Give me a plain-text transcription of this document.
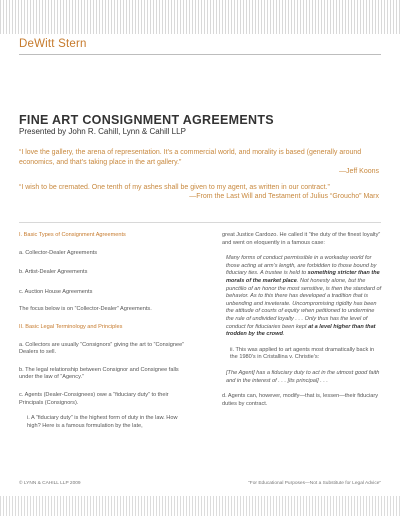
DeWitt Stern
FINE ART CONSIGNMENT AGREEMENTS
Presented by John R. Cahill, Lynn & Cahill LLP

“I love the gallery, the arena of representation. It’s a commercial world, and morality is based (generally around economics, and that’s taking place in the art gallery.”

—Jeff Koons

“I wish to be cremated. One tenth of my ashes shall be given to my agent, as written in our contract.”

—From the Last Will and Testament of Julius “Groucho” Marx

I. Basic Types of Consignment Agreements

a. Collector-Dealer Agreements

b. Artist-Dealer Agreements

c. Auction House Agreements

The focus below is on “Collector-Dealer” Agreements.

II. Basic Legal Terminology and Principles

a. Collectors are usually “Consignors” giving the art to “Consignee” Dealers to sell.

b. The legal relationship between Consignor and Consignee falls under the law of “Agency.”

c. Agents (Dealer-Consignees) owe a “fiduciary duty” to their Principals (Consignors).

i. A “fiduciary duty” is the highest form of duty in the law. How high? Here is a famous formulation by the late,

great Justice Cardozo. He called it “the duty of the finest loyalty” and went on eloquently in a famous case:

Many forms of conduct permissible in a workaday world for those acting at arm’s length, are forbidden to those bound by fiduciary ties. A trustee is held to something stricter than the morals of the market place. Not honesty alone, but the punctilio of an honor the most sensitive, is then the standard of behavior. As to this there has developed a tradition that is unbending and inveterate. Uncompromising rigidity has been the attitude of courts of equity when petitioned to undermine the rule of undivided loyalty . . . Only thus has the level of conduct for fiduciaries been kept at a level higher than that trodden by the crowd.

ii. This was applied to art agents most dramatically back in the 1980’s in Cristallina v. Christie’s:

[The Agent] has a fiduciary duty to act in the utmost good faith and in the interest of . . . [its principal] . . .

d. Agents can, however, modify—that is, lessen—their fiduciary duties by contract.

© LYNN & CAHILL LLP 2009	“For Educational Purposes—Not a Substitute for Legal Advice”
